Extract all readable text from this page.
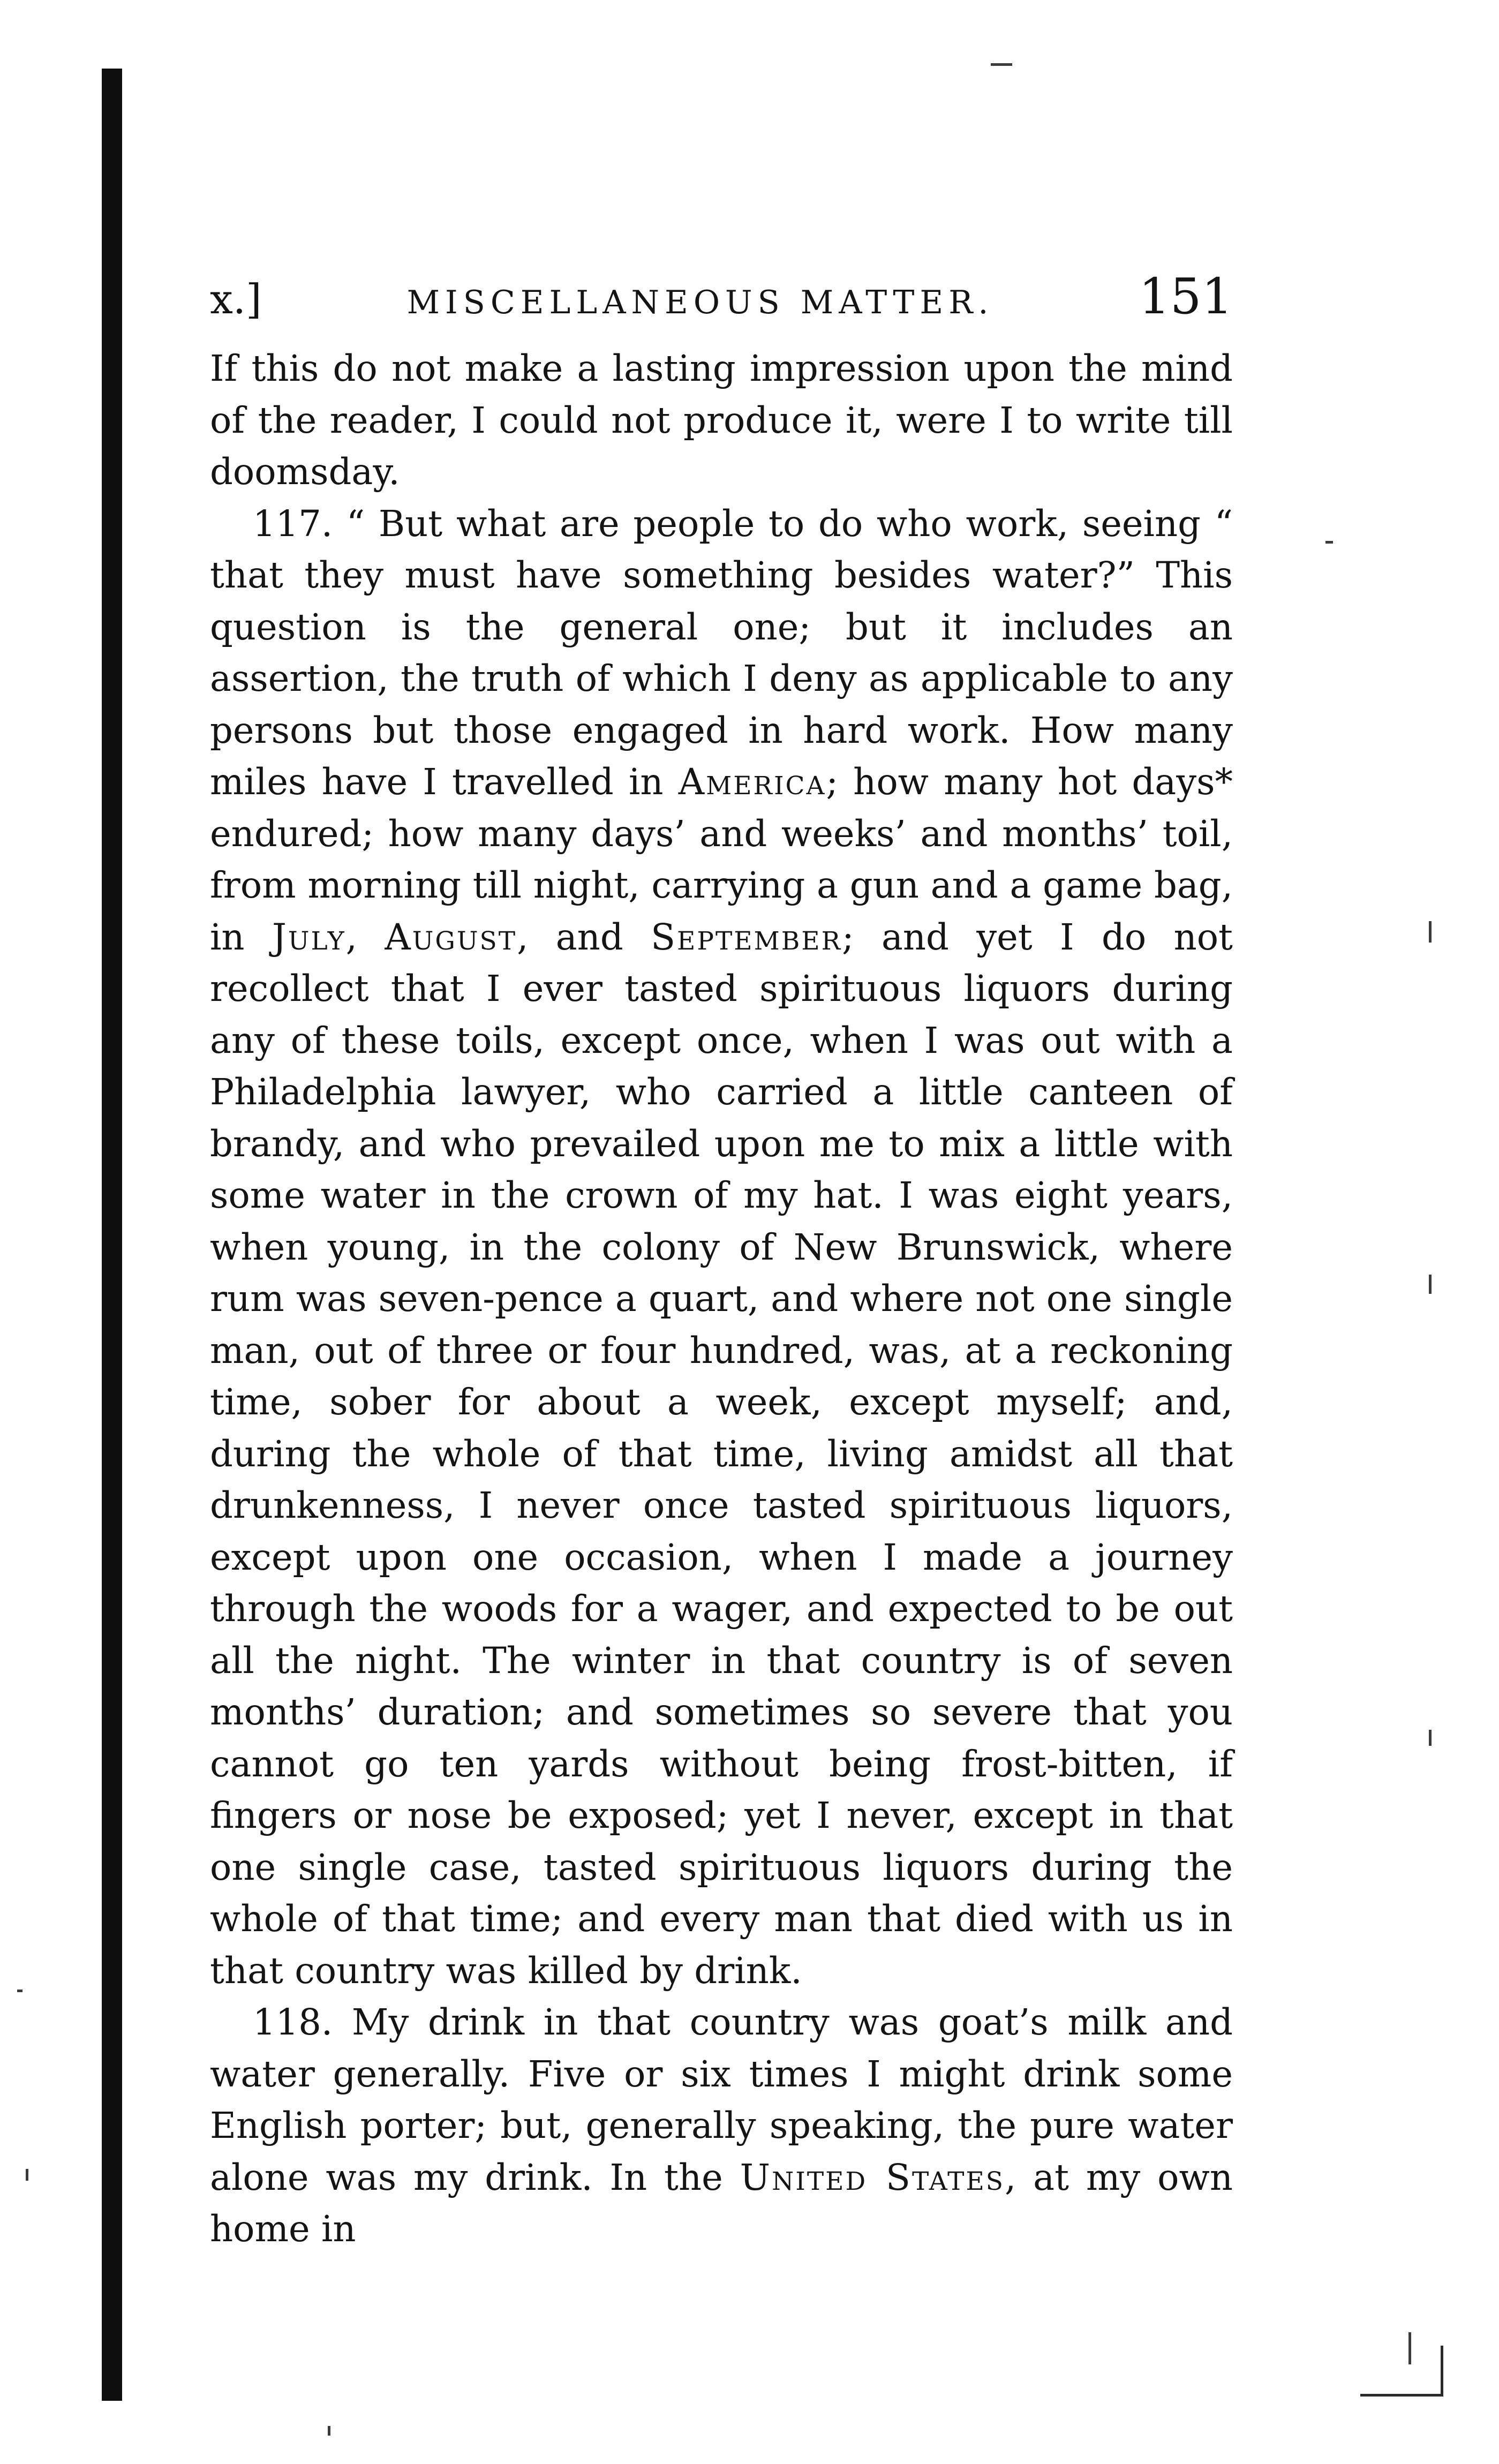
x.]	MISCELLANEOUS MATTER.	151

If this do not make a lasting impression upon the mind of the reader, I could not produce it, were I to write till doomsday.

117. “ But what are people to do who work, seeing “ that they must have something besides water?” This question is the general one; but it includes an assertion, the truth of which I deny as applicable to any persons but those engaged in hard work. How many miles have I travelled in America; how many hot days* endured; how many days’ and weeks’ and months’ toil, from morning till night, carrying a gun and a game bag, in July, August, and September; and yet I do not recollect that I ever tasted spirituous liquors during any of these toils, except once, when I was out with a Philadelphia lawyer, who carried a little canteen of brandy, and who prevailed upon me to mix a little with some water in the crown of my hat. I was eight years, when young, in the colony of New Brunswick, where rum was seven-pence a quart, and where not one single man, out of three or four hundred, was, at a reckoning time, sober for about a week, except myself; and, during the whole of that time, living amidst all that drunkenness, I never once tasted spirituous liquors, except upon one occasion, when I made a journey through the woods for a wager, and expected to be out all the night. The winter in that country is of seven months’ duration; and sometimes so severe that you cannot go ten yards without being frost-bitten, if fingers or nose be exposed; yet I never, except in that one single case, tasted spirituous liquors during the whole of that time; and every man that died with us in that country was killed by drink.

118. My drink in that country was goat’s milk and water generally. Five or six times I might drink some English porter; but, generally speaking, the pure water alone was my drink. In the United States, at my own home in
